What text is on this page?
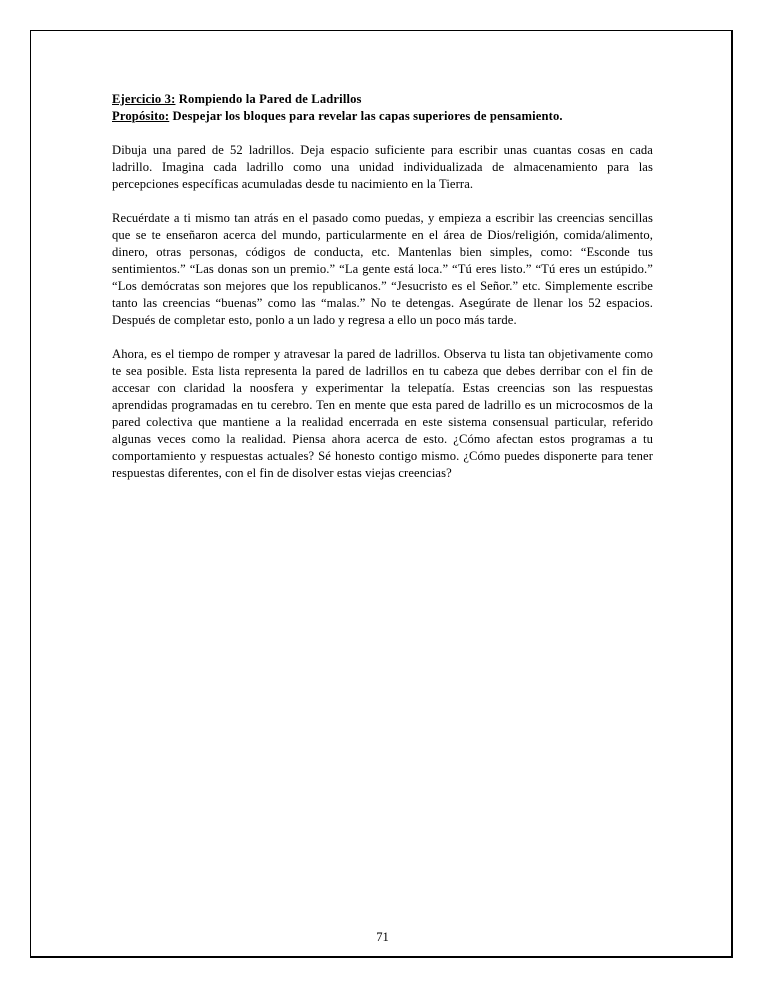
Ejercicio 3: Rompiendo la Pared de Ladrillos
Propósito: Despejar los bloques para revelar las capas superiores de pensamiento.

Dibuja una pared de 52 ladrillos. Deja espacio suficiente para escribir unas cuantas cosas en cada ladrillo. Imagina cada ladrillo como una unidad individualizada de almacenamiento para las percepciones específicas acumuladas desde tu nacimiento en la Tierra.

Recuérdate a ti mismo tan atrás en el pasado como puedas, y empieza a escribir las creencias sencillas que se te enseñaron acerca del mundo, particularmente en el área de Dios/religión, comida/alimento, dinero, otras personas, códigos de conducta, etc. Mantenlas bien simples, como: “Esconde tus sentimientos.” “Las donas son un premio.” “La gente está loca.” “Tú eres listo.” “Tú eres un estúpido.” “Los demócratas son mejores que los republicanos.” “Jesucristo es el Señor.” etc. Simplemente escribe tanto las creencias “buenas” como las “malas.” No te detengas. Asegúrate de llenar los 52 espacios. Después de completar esto, ponlo a un lado y regresa a ello un poco más tarde.

Ahora, es el tiempo de romper y atravesar la pared de ladrillos. Observa tu lista tan objetivamente como te sea posible. Esta lista representa la pared de ladrillos en tu cabeza que debes derribar con el fin de accesar con claridad la noosfera y experimentar la telepatía. Estas creencias son las respuestas aprendidas programadas en tu cerebro. Ten en mente que esta pared de ladrillo es un microcosmos de la pared colectiva que mantiene a la realidad encerrada en este sistema consensual particular, referido algunas veces como la realidad. Piensa ahora acerca de esto. ¿Cómo afectan estos programas a tu comportamiento y respuestas actuales? Sé honesto contigo mismo. ¿Cómo puedes disponerte para tener respuestas diferentes, con el fin de disolver estas viejas creencias?

71
